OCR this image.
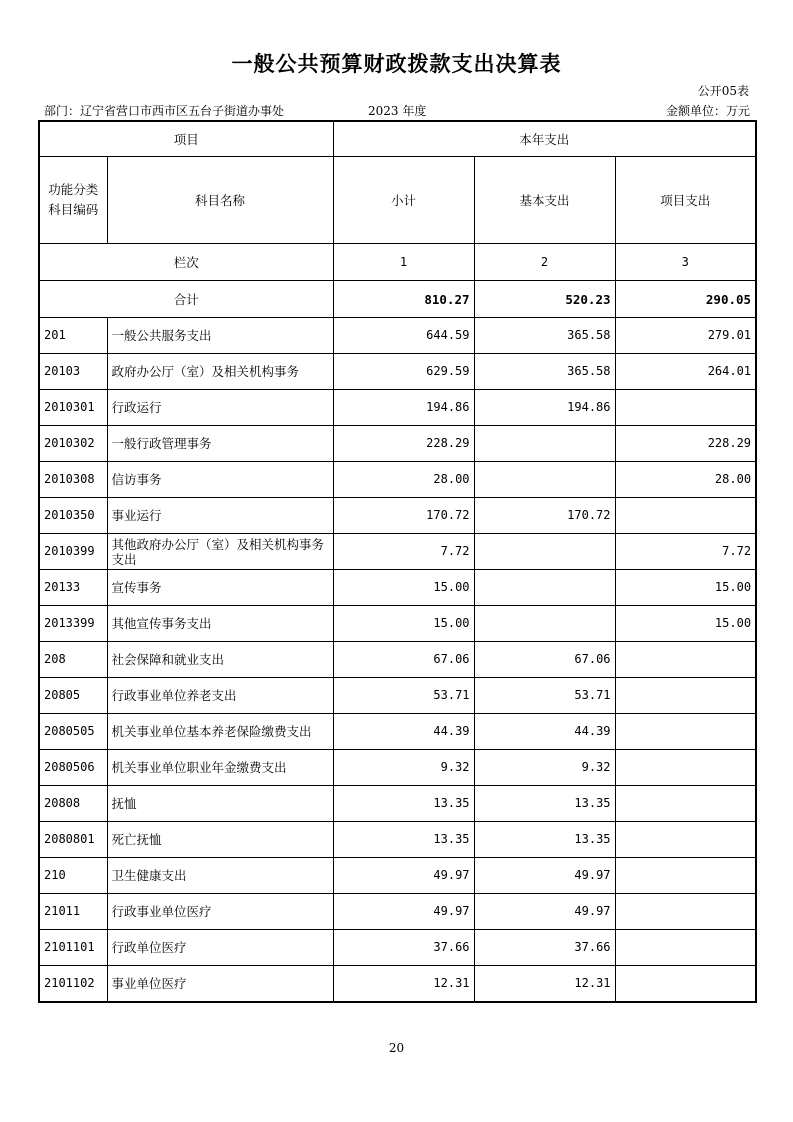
一般公共预算财政拨款支出决算表
公开05表
部门：辽宁省营口市西市区五台子街道办事处	2023 年度	金额单位：万元
项目		本年支出		
功能分类科目编码	科目名称	小计	基本支出	项目支出
栏次		1	2	3
合计		810.27	520.23	290.05
201	一般公共服务支出	644.59	365.58	279.01
20103	政府办公厅（室）及相关机构事务	629.59	365.58	264.01
2010301	行政运行	194.86	194.86	
2010302	一般行政管理事务	228.29		228.29
2010308	信访事务	28.00		28.00
2010350	事业运行	170.72	170.72	
2010399	其他政府办公厅（室）及相关机构事务支出	7.72		7.72
20133	宣传事务	15.00		15.00
2013399	其他宣传事务支出	15.00		15.00
208	社会保障和就业支出	67.06	67.06	
20805	行政事业单位养老支出	53.71	53.71	
2080505	机关事业单位基本养老保险缴费支出	44.39	44.39	
2080506	机关事业单位职业年金缴费支出	9.32	9.32	
20808	抚恤	13.35	13.35	
2080801	死亡抚恤	13.35	13.35	
210	卫生健康支出	49.97	49.97	
21011	行政事业单位医疗	49.97	49.97	
2101101	行政单位医疗	37.66	37.66	
2101102	事业单位医疗	12.31	12.31	
20
